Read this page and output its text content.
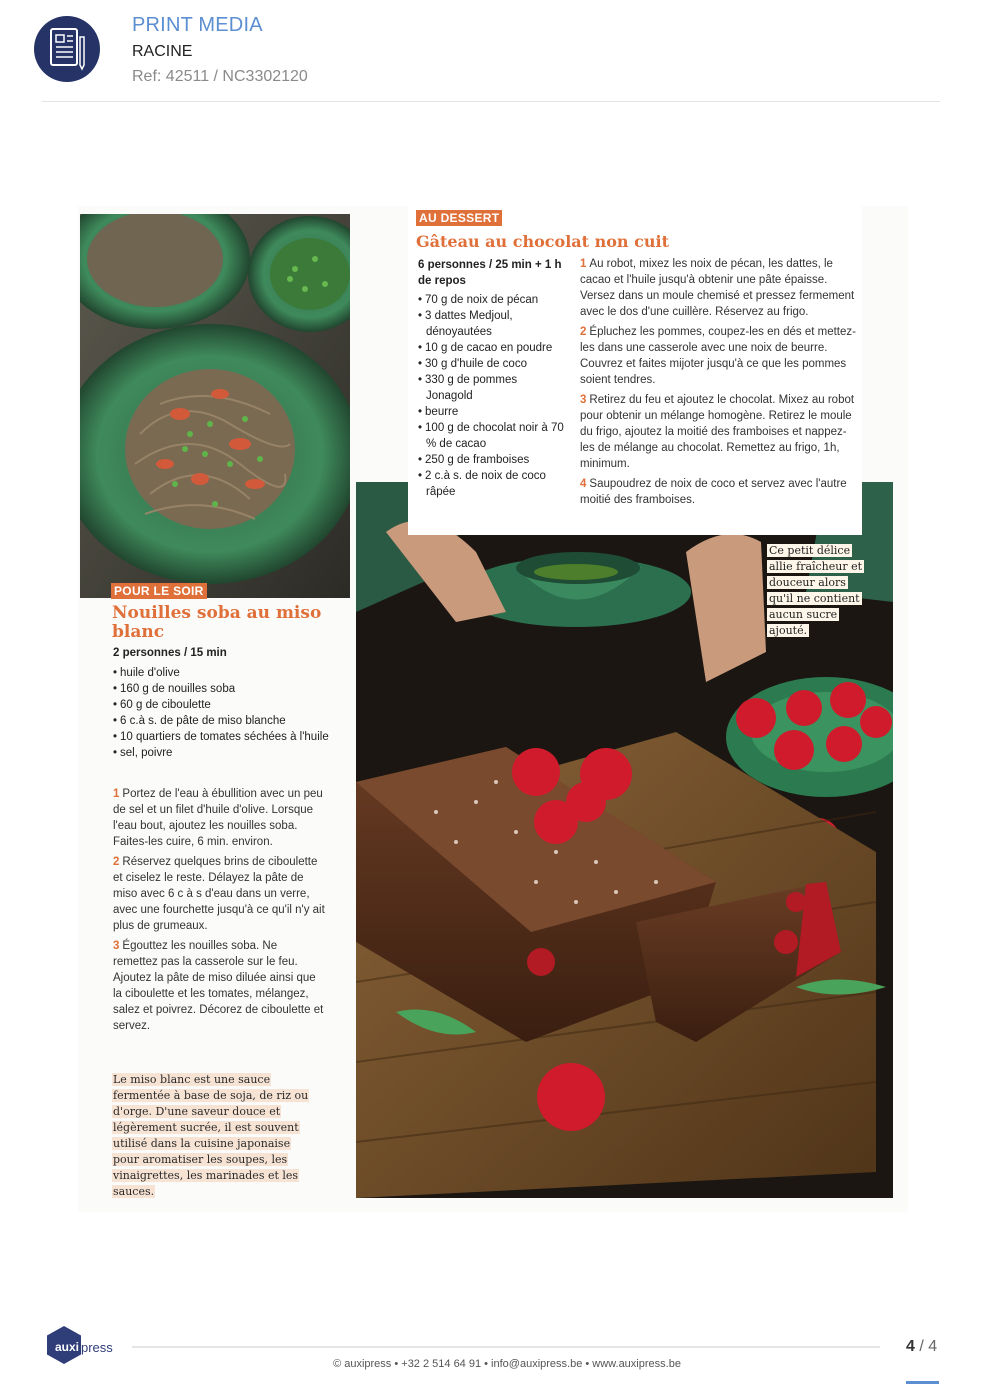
PRINT MEDIA
RACINE
Ref: 42511 / NC3302120
POUR LE SOIR
Nouilles soba au miso blanc
2 personnes / 15 min
• huile d'olive
• 160 g de nouilles soba
• 60 g de ciboulette
• 6 c.à s. de pâte de miso blanche
• 10 quartiers de tomates séchées à l'huile
• sel, poivre

1 Portez de l'eau à ébullition avec un peu de sel et un filet d'huile d'olive. Lorsque l'eau bout, ajoutez les nouilles soba. Faites-les cuire, 6 min. environ.

2 Réservez quelques brins de ciboulette et ciselez le reste. Délayez la pâte de miso avec 6 c à s d'eau dans un verre, avec une fourchette jusqu'à ce qu'il n'y ait plus de grumeaux.

3 Égouttez les nouilles soba. Ne remettez pas la casserole sur le feu. Ajoutez la pâte de miso diluée ainsi que la ciboulette et les tomates, mélangez, salez et poivrez. Décorez de ciboulette et servez.

Le miso blanc est une sauce fermentée à base de soja, de riz ou d'orge. D'une saveur douce et légèrement sucrée, il est souvent utilisé dans la cuisine japonaise pour aromatiser les soupes, les vinaigrettes, les marinades et les sauces.
Ce petit délice allie fraîcheur et douceur alors qu'il ne contient aucun sucre ajouté.
AU DESSERT
Gâteau au chocolat non cuit
6 personnes / 25 min + 1 h de repos
• 70 g de noix de pécan
• 3 dattes Medjoul, dénoyautées
• 10 g de cacao en poudre
• 30 g d'huile de coco
• 330 g de pommes Jonagold
• beurre
• 100 g de chocolat noir à 70 % de cacao
• 250 g de framboises
• 2 c.à s. de noix de coco râpée

1 Au robot, mixez les noix de pécan, les dattes, le cacao et l'huile jusqu'à obtenir une pâte épaisse. Versez dans un moule chemisé et pressez fermement avec le dos d'une cuillère. Réservez au frigo.

2 Épluchez les pommes, coupez-les en dés et mettez-les dans une casserole avec une noix de beurre. Couvrez et faites mijoter jusqu'à ce que les pommes soient tendres.

3 Retirez du feu et ajoutez le chocolat. Mixez au robot pour obtenir un mélange homogène. Retirez le moule du frigo, ajoutez la moitié des framboises et nappez-les de mélange au chocolat. Remettez au frigo, 1h, minimum.

4 Saupoudrez de noix de coco et servez avec l'autre moitié des framboises.

auxi press	4 / 4
© auxipress • +32 2 514 64 91 • info@auxipress.be • www.auxipress.be
